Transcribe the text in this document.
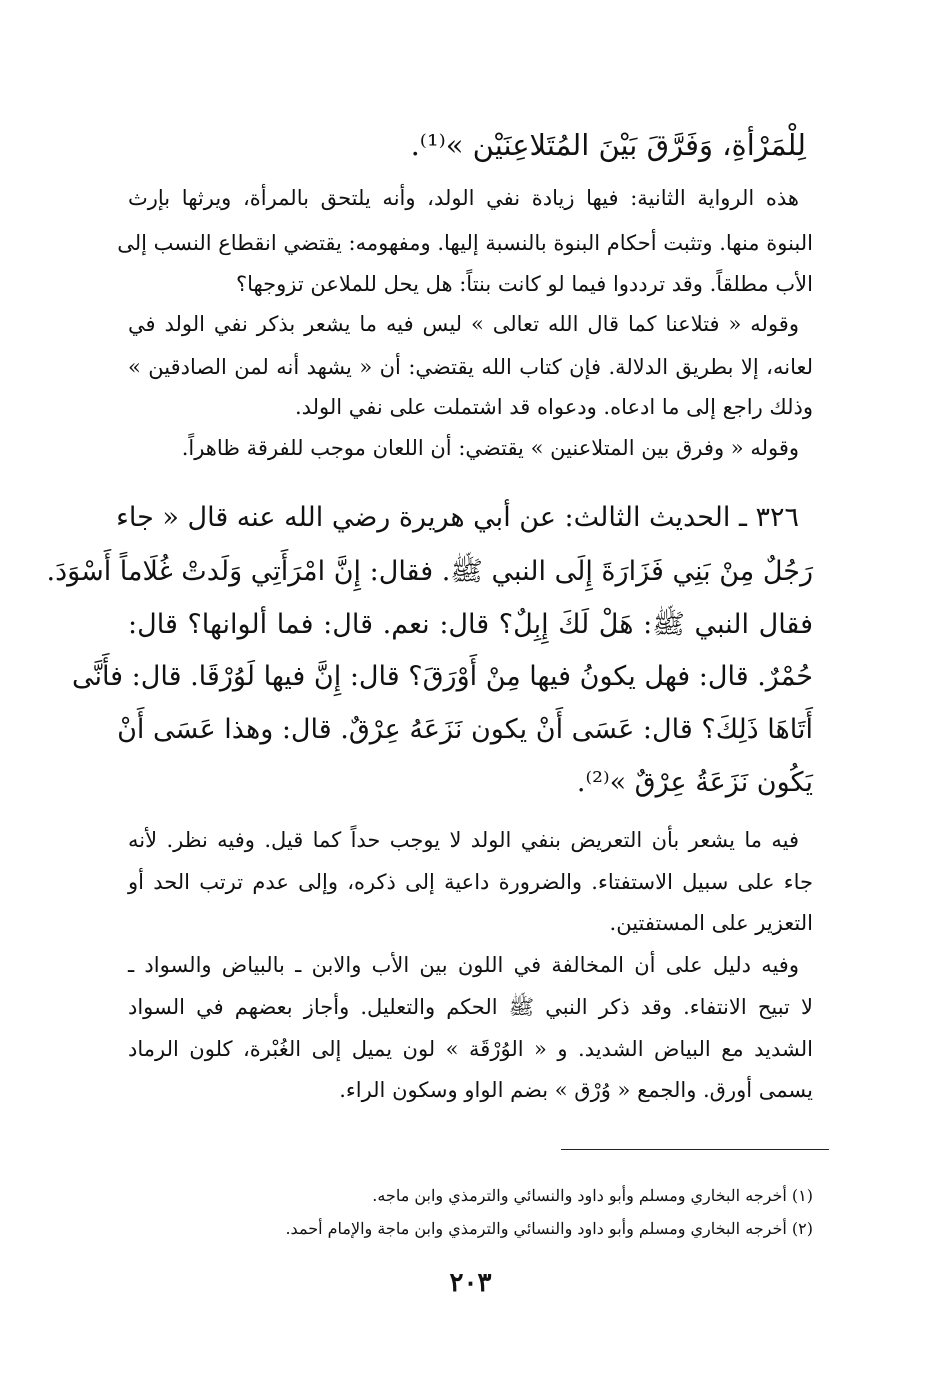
لِلْمَرْأةِ، وَفَرَّقَ بَيْنَ المُتَلاعِنَيْن »⁽¹⁾.
هذه الرواية الثانية: فيها زيادة نفي الولد، وأنه يلتحق بالمرأة، ويرثها بإرث
البنوة منها. وتثبت أحكام البنوة بالنسبة إليها. ومفهومه: يقتضي انقطاع النسب إلى
الأب مطلقاً. وقد ترددوا فيما لو كانت بنتاً: هل يحل للملاعن تزوجها؟
وقوله « فتلاعنا كما قال الله تعالى » ليس فيه ما يشعر بذكر نفي الولد في
لعانه، إلا بطريق الدلالة. فإن كتاب الله يقتضي: أن « يشهد أنه لمن الصادقين »
وذلك راجع إلى ما ادعاه. ودعواه قد اشتملت على نفي الولد.
وقوله « وفرق بين المتلاعنين » يقتضي: أن اللعان موجب للفرقة ظاهراً.
٣٢٦ ـ الحديث الثالث: عن أبي هريرة رضي الله عنه قال « جاء
رَجُلٌ مِنْ بَنِي فَزَارَةَ إِلَى النبي ﷺ. فقال: إِنَّ امْرَأَتِي وَلَدتْ غُلَاماً أَسْوَدَ.
فقال النبي ﷺ: هَلْ لَكَ إِبِلٌ؟ قال: نعم. قال: فما ألوانها؟ قال:
حُمْرٌ. قال: فهل يكونُ فيها مِنْ أَوْرَقَ؟ قال: إِنَّ فيها لَوُرْقَا. قال: فأَنَّى
أَتَاهَا ذَلِكَ؟ قال: عَسَى أَنْ يكون نَزَعَهُ عِرْقٌ. قال: وهذا عَسَى أَنْ
يَكُون نَزَعَةُ عِرْقٌ »⁽²⁾.
فيه ما يشعر بأن التعريض بنفي الولد لا يوجب حداً كما قيل. وفيه نظر. لأنه
جاء على سبيل الاستفتاء. والضرورة داعية إلى ذكره، وإلى عدم ترتب الحد أو
التعزير على المستفتين.
وفيه دليل على أن المخالفة في اللون بين الأب والابن ـ بالبياض والسواد ـ
لا تبيح الانتفاء. وقد ذكر النبي ﷺ الحكم والتعليل. وأجاز بعضهم في السواد
الشديد مع البياض الشديد. و « الوُرْقَة » لون يميل إلى الغُبْرة، كلون الرماد
يسمى أورق. والجمع « وُرْق » بضم الواو وسكون الراء.
(١) أخرجه البخاري ومسلم وأبو داود والنسائي والترمذي وابن ماجه.
(٢) أخرجه البخاري ومسلم وأبو داود والنسائي والترمذي وابن ماجة والإمام أحمد.
٢٠٣
